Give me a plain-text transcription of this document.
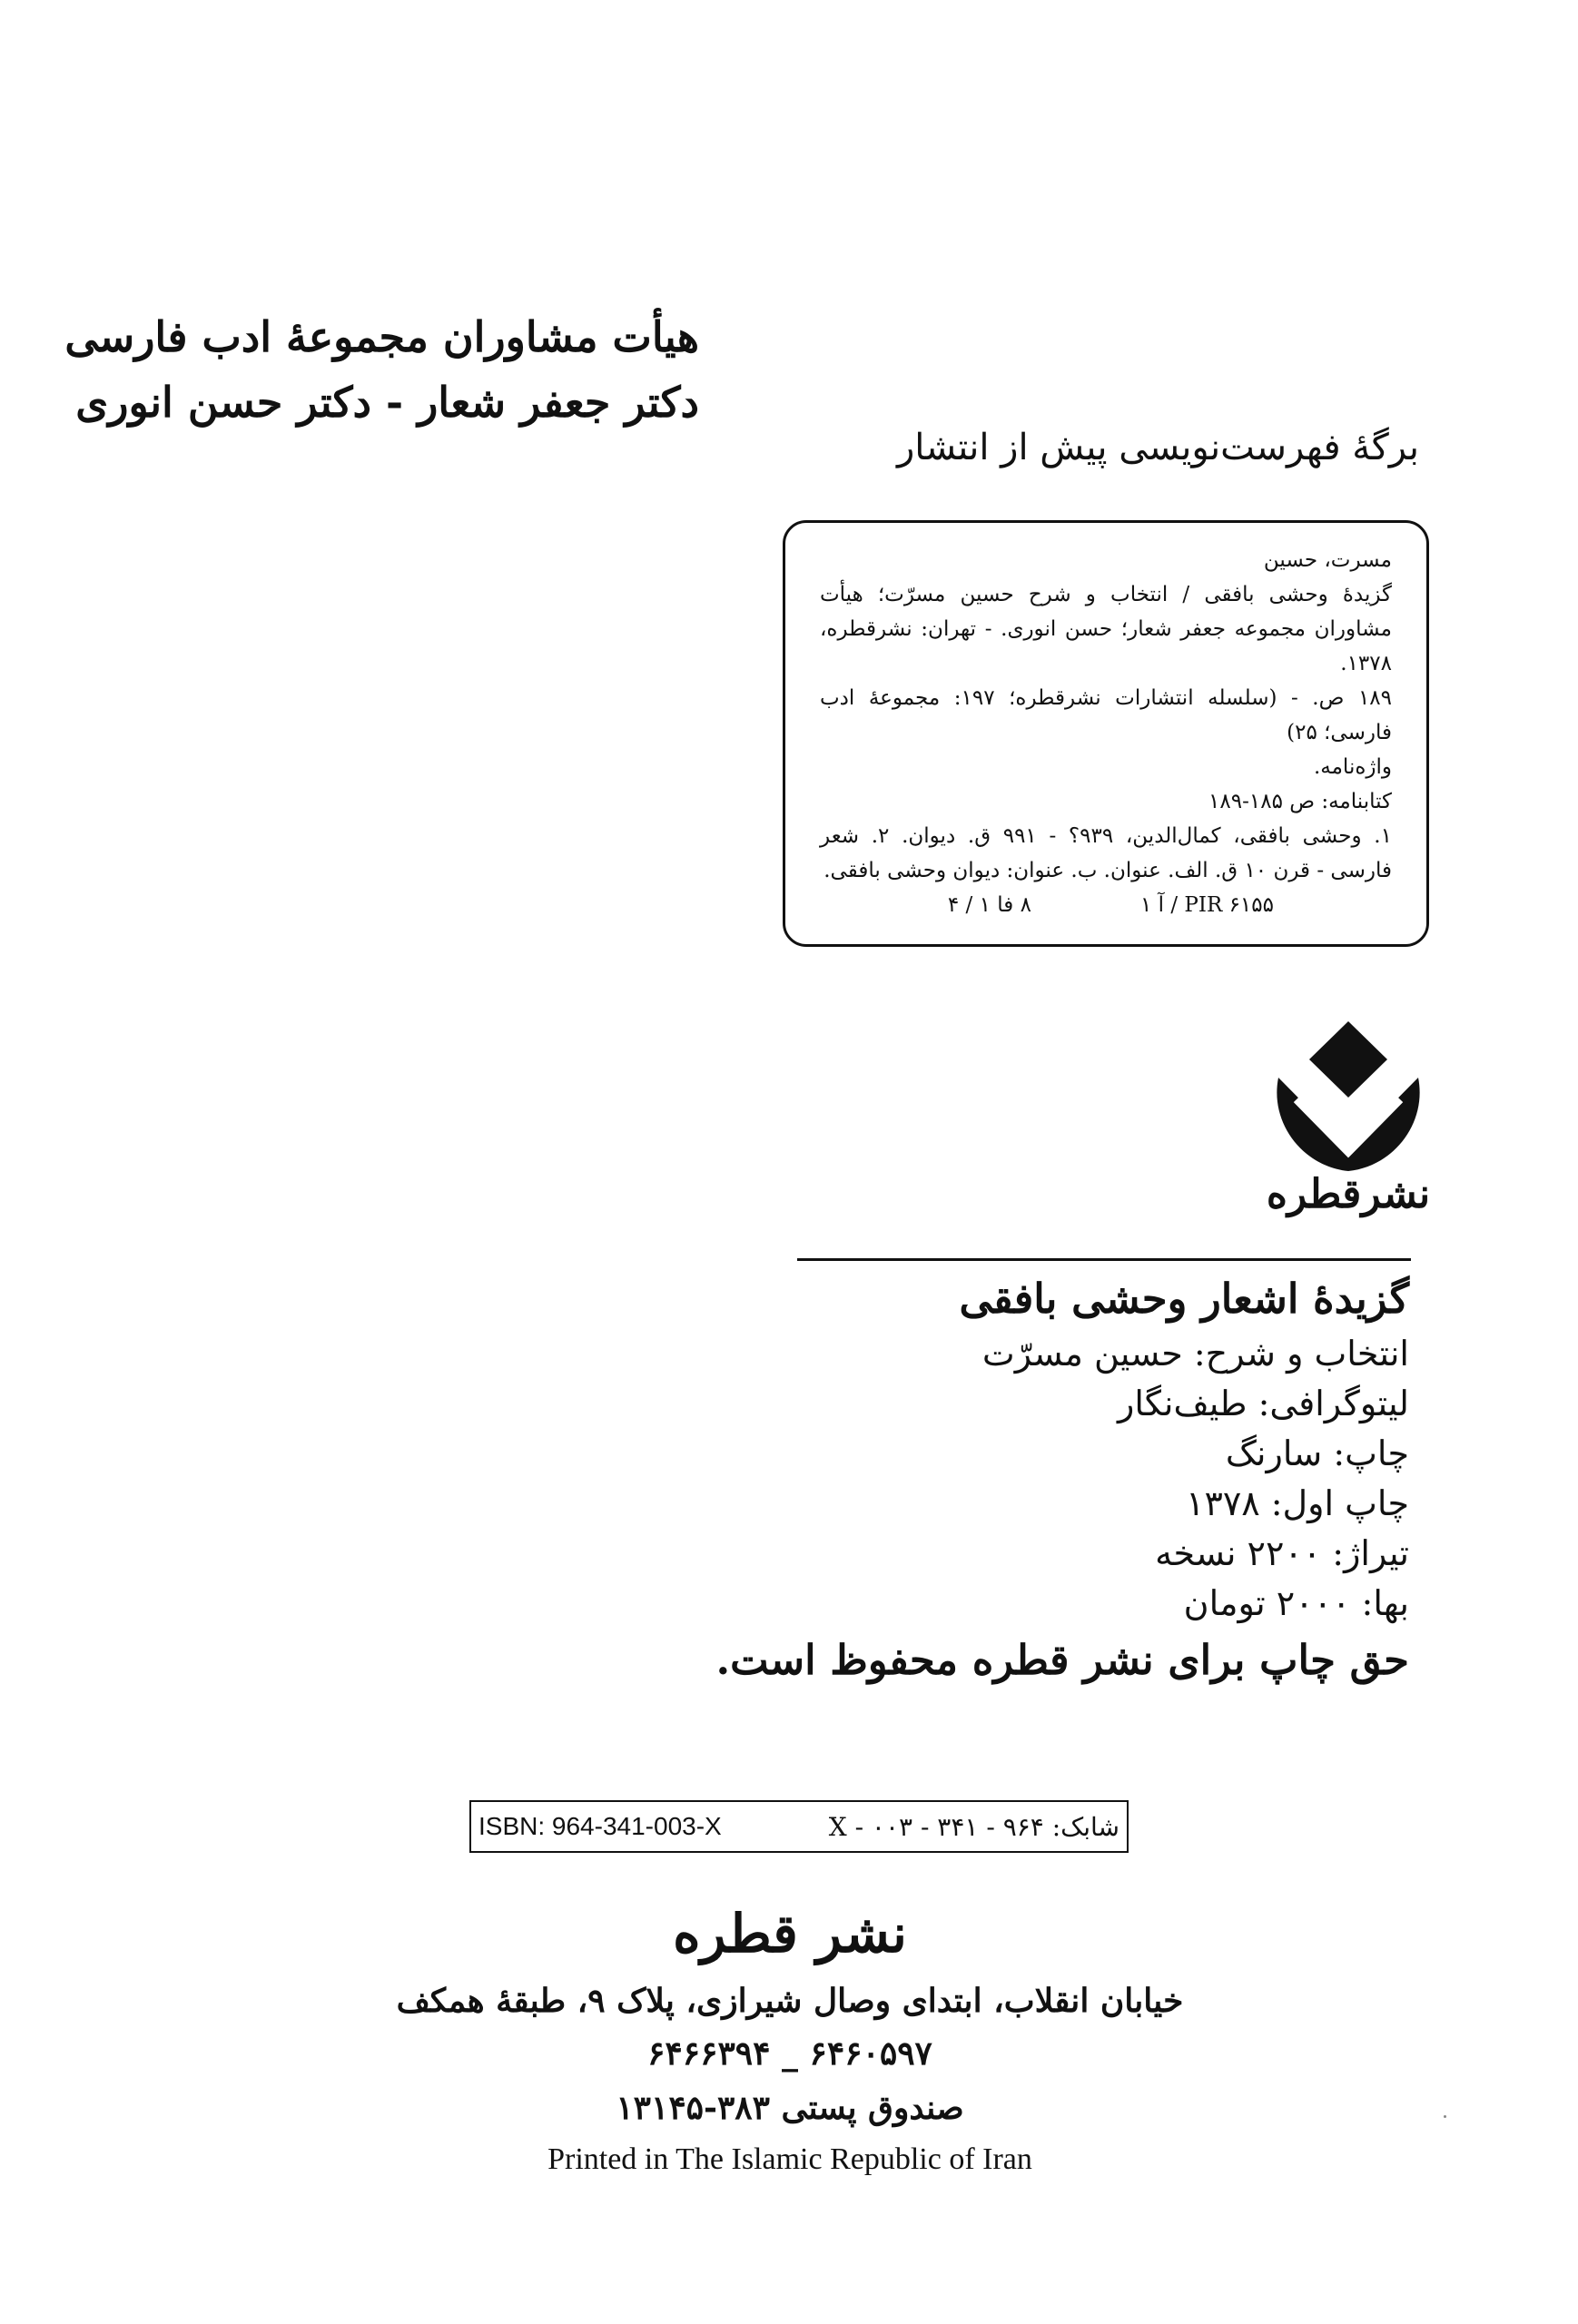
هیأت مشاوران مجموعهٔ ادب فارسی
دکتر جعفر شعار - دکتر حسن انوری
برگهٔ فهرست‌نویسی پیش از انتشار
مسرت، حسین
گزیدهٔ وحشی بافقی / انتخاب و شرح حسین مسرّت؛ هیأت مشاوران مجموعه جعفر شعار؛ حسن انوری. - تهران: نشرقطره، ۱۳۷۸.
۱۸۹ ص. - (سلسله انتشارات نشرقطره؛ ۱۹۷: مجموعهٔ ادب فارسی؛ ۲۵)
واژه‌نامه.
کتابنامه: ص ۱۸۵-۱۸۹
۱. وحشی بافقی، کمال‌الدین، ۹۳۹؟ - ۹۹۱ ق. دیوان. ۲. شعر فارسی - قرن ۱۰ ق. الف. عنوان. ب. عنوان: دیوان وحشی بافقی.
PIR ۶۱۵۵ / آ ۱
۸ فا ۱ / ۴
نشرقطره
گزیدهٔ اشعار وحشی بافقی
انتخاب و شرح: حسین مسرّت
لیتوگرافی: طیف‌نگار
چاپ: سارنگ
چاپ اول: ۱۳۷۸
تیراژ: ۲۲۰۰ نسخه
بها: ۲۰۰۰ تومان
حق چاپ برای نشر قطره محفوظ است.
ISBN: 964-341-003-X	شابک: X - ۰۰۳ - ۳۴۱ - ۹۶۴
نشر قطره
خیابان انقلاب، ابتدای وصال شیرازی، پلاک ۹، طبقهٔ همکف
۶۴۶۰۵۹۷ _ ۶۴۶۶۳۹۴
صندوق پستی ۳۸۳-۱۳۱۴۵
Printed in The Islamic Republic of Iran
